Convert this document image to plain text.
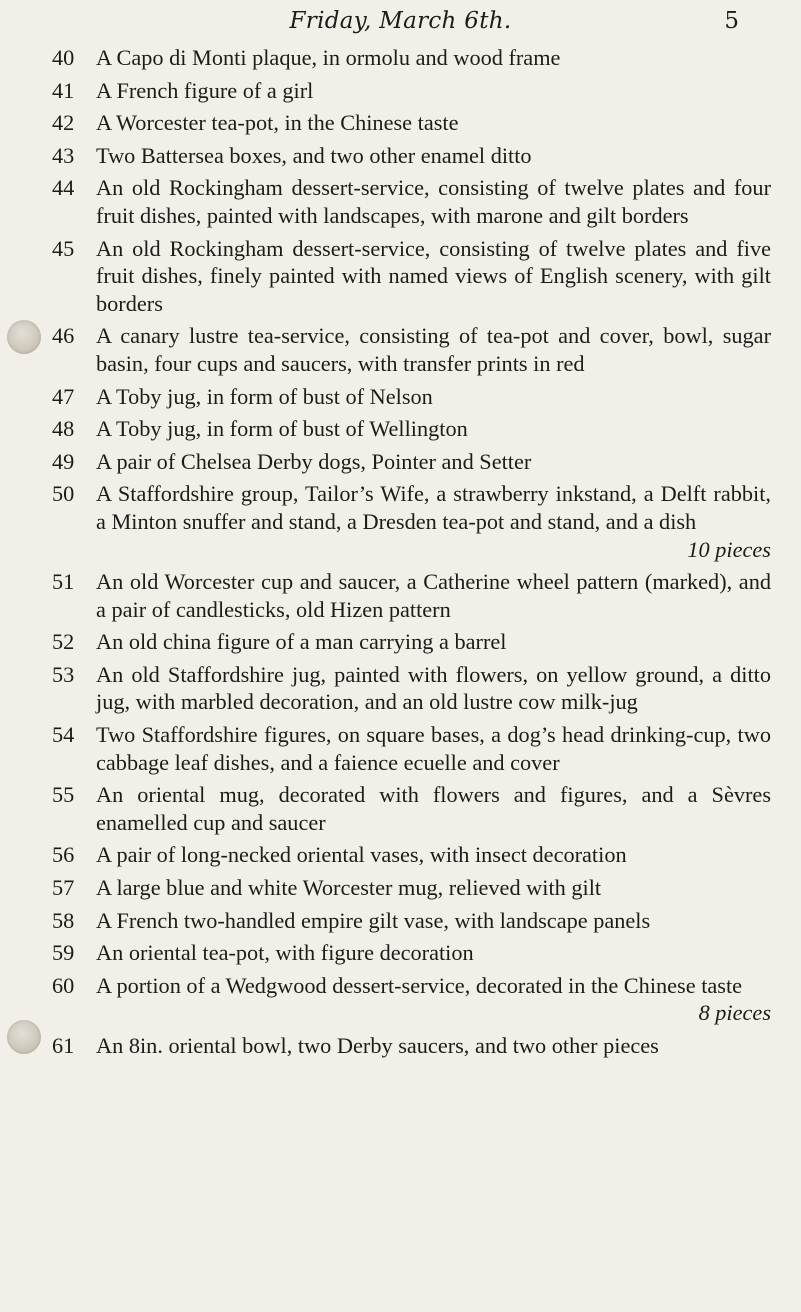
Friday, March 6th.	5
40 A Capo di Monti plaque, in ormolu and wood frame
41 A French figure of a girl
42 A Worcester tea-pot, in the Chinese taste
43 Two Battersea boxes, and two other enamel ditto
44 An old Rockingham dessert-service, consisting of twelve plates and four fruit dishes, painted with landscapes, with marone and gilt borders
45 An old Rockingham dessert-service, consisting of twelve plates and five fruit dishes, finely painted with named views of English scenery, with gilt borders
46 A canary lustre tea-service, consisting of tea-pot and cover, bowl, sugar basin, four cups and saucers, with transfer prints in red
47 A Toby jug, in form of bust of Nelson
48 A Toby jug, in form of bust of Wellington
49 A pair of Chelsea Derby dogs, Pointer and Setter
50 A Staffordshire group, Tailor’s Wife, a strawberry inkstand, a Delft rabbit, a Minton snuffer and stand, a Dresden tea-pot and stand, and a dish
10 pieces
51 An old Worcester cup and saucer, a Catherine wheel pattern (marked), and a pair of candlesticks, old Hizen pattern
52 An old china figure of a man carrying a barrel
53 An old Staffordshire jug, painted with flowers, on yellow ground, a ditto jug, with marbled decoration, and an old lustre cow milk-jug
54 Two Staffordshire figures, on square bases, a dog’s head drinking-cup, two cabbage leaf dishes, and a faience ecuelle and cover
55 An oriental mug, decorated with flowers and figures, and a Sèvres enamelled cup and saucer
56 A pair of long-necked oriental vases, with insect decoration
57 A large blue and white Worcester mug, relieved with gilt
58 A French two-handled empire gilt vase, with landscape panels
59 An oriental tea-pot, with figure decoration
60 A portion of a Wedgwood dessert-service, decorated in the Chinese taste
8 pieces
61 An 8in. oriental bowl, two Derby saucers, and two other pieces
